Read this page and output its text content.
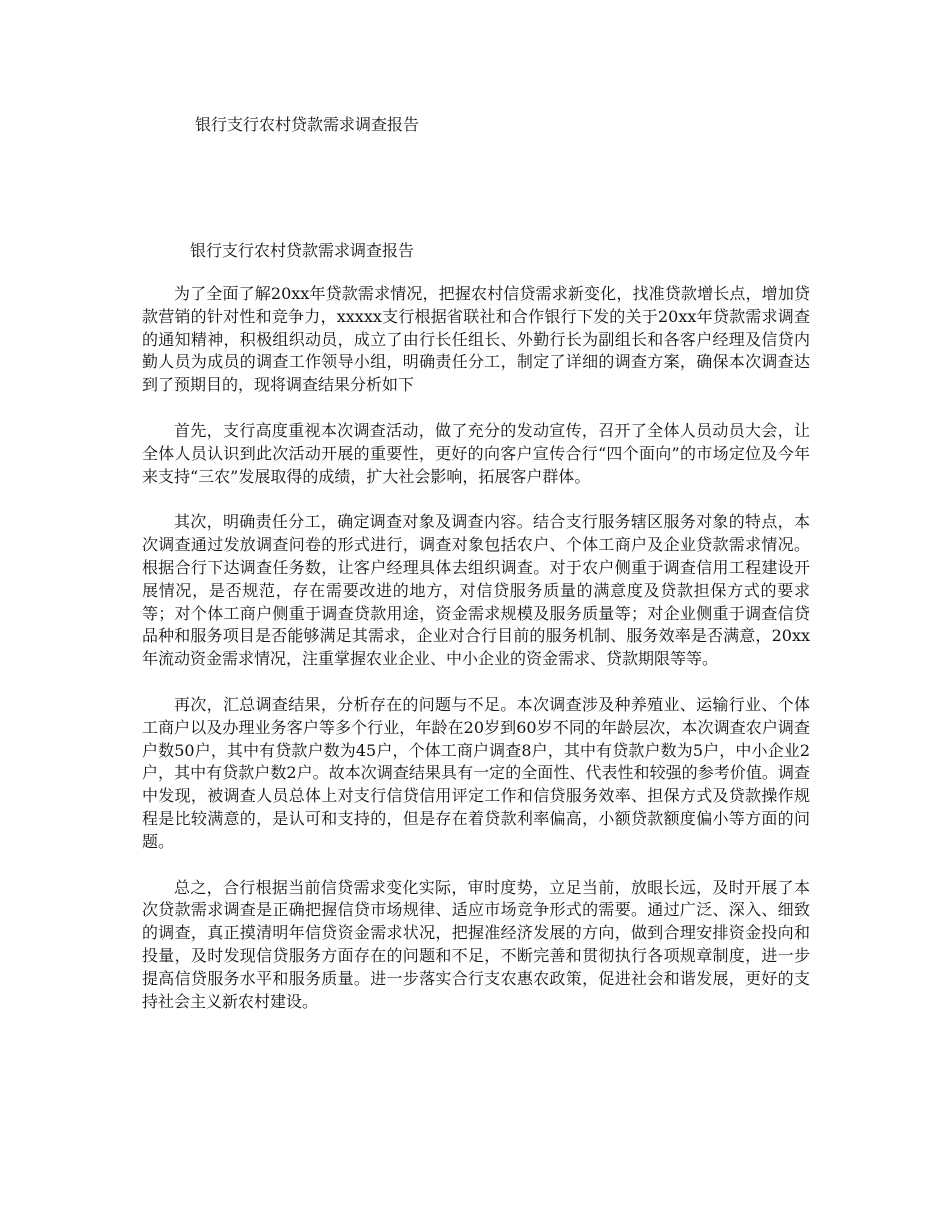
银行支行农村贷款需求调查报告
银行支行农村贷款需求调查报告

为了全面了解20xx年贷款需求情况，把握农村信贷需求新变化，找准贷款增长点，增加贷款营销的针对性和竞争力，xxxxx支行根据省联社和合作银行下发的关于20xx年贷款需求调查的通知精神，积极组织动员，成立了由行长任组长、外勤行长为副组长和各客户经理及信贷内勤人员为成员的调查工作领导小组，明确责任分工，制定了详细的调查方案，确保本次调查达到了预期目的，现将调查结果分析如下

首先，支行高度重视本次调查活动，做了充分的发动宣传，召开了全体人员动员大会，让全体人员认识到此次活动开展的重要性，更好的向客户宣传合行“四个面向”的市场定位及今年来支持“三农”发展取得的成绩，扩大社会影响，拓展客户群体。

其次，明确责任分工，确定调查对象及调查内容。结合支行服务辖区服务对象的特点，本次调查通过发放调查问卷的形式进行，调查对象包括农户、个体工商户及企业贷款需求情况。根据合行下达调查任务数，让客户经理具体去组织调查。对于农户侧重于调查信用工程建设开展情况，是否规范，存在需要改进的地方，对信贷服务质量的满意度及贷款担保方式的要求等；对个体工商户侧重于调查贷款用途，资金需求规模及服务质量等；对企业侧重于调查信贷品种和服务项目是否能够满足其需求，企业对合行目前的服务机制、服务效率是否满意，20xx年流动资金需求情况，注重掌握农业企业、中小企业的资金需求、贷款期限等等。

再次，汇总调查结果，分析存在的问题与不足。本次调查涉及种养殖业、运输行业、个体工商户以及办理业务客户等多个行业，年龄在20岁到60岁不同的年龄层次，本次调查农户调查户数50户，其中有贷款户数为45户，个体工商户调查8户，其中有贷款户数为5户，中小企业2户，其中有贷款户数2户。故本次调查结果具有一定的全面性、代表性和较强的参考价值。调查中发现，被调查人员总体上对支行信贷信用评定工作和信贷服务效率、担保方式及贷款操作规程是比较满意的，是认可和支持的，但是存在着贷款利率偏高，小额贷款额度偏小等方面的问题。

总之，合行根据当前信贷需求变化实际，审时度势，立足当前，放眼长远，及时开展了本次贷款需求调查是正确把握信贷市场规律、适应市场竞争形式的需要。通过广泛、深入、细致的调查，真正摸清明年信贷资金需求状况，把握准经济发展的方向，做到合理安排资金投向和投量，及时发现信贷服务方面存在的问题和不足，不断完善和贯彻执行各项规章制度，进一步提高信贷服务水平和服务质量。进一步落实合行支农惠农政策，促进社会和谐发展，更好的支持社会主义新农村建设。
